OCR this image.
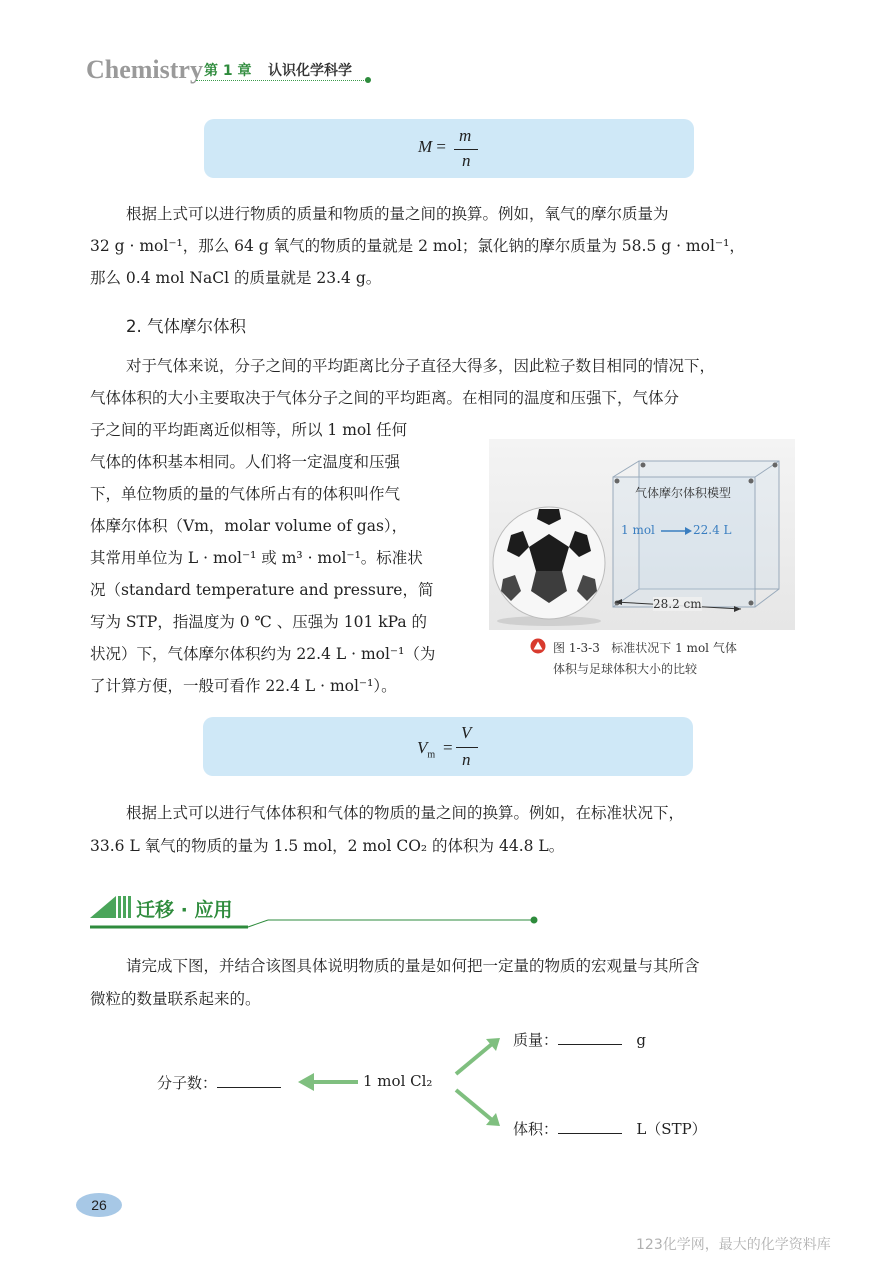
Chemistry 第 1 章 认识化学科学
M =
m
n
根据上式可以进行物质的质量和物质的量之间的换算。例如，氧气的摩尔质量为
32 g · mol⁻¹，那么 64 g 氧气的物质的量就是 2 mol；氯化钠的摩尔质量为 58.5 g · mol⁻¹，
那么 0.4 mol NaCl 的质量就是 23.4 g。
2. 气体摩尔体积
对于气体来说，分子之间的平均距离比分子直径大得多，因此粒子数目相同的情况下，
气体体积的大小主要取决于气体分子之间的平均距离。在相同的温度和压强下，气体分
子之间的平均距离近似相等，所以 1 mol 任何
气体的体积基本相同。人们将一定温度和压强
下，单位物质的量的气体所占有的体积叫作气
体摩尔体积（Vm，molar volume of gas），
其常用单位为 L · mol⁻¹ 或 m³ · mol⁻¹。标准状
况（standard temperature and pressure，简
写为 STP，指温度为 0 ℃ 、压强为 101 kPa 的
状况）下，气体摩尔体积约为 22.4 L · mol⁻¹（为
了计算方便，一般可看作 22.4 L · mol⁻¹）。
气体摩尔体积模型
1 mol	22.4 L
28.2 cm
图 1-3-3 标准状况下 1 mol 气体
体积与足球体积大小的比较
$V_m$ =
V
n
根据上式可以进行气体体积和气体的物质的量之间的换算。例如，在标准状况下，
33.6 L 氧气的物质的量为 1.5 mol，2 mol CO₂ 的体积为 44.8 L。
迁移 · 应用
请完成下图，并结合该图具体说明物质的量是如何把一定量的物质的宏观量与其所含
微粒的数量联系起来的。
分子数：	1 mol Cl₂
质量：	g
体积：	L（STP）
26
123化学网，最大的化学资料库
